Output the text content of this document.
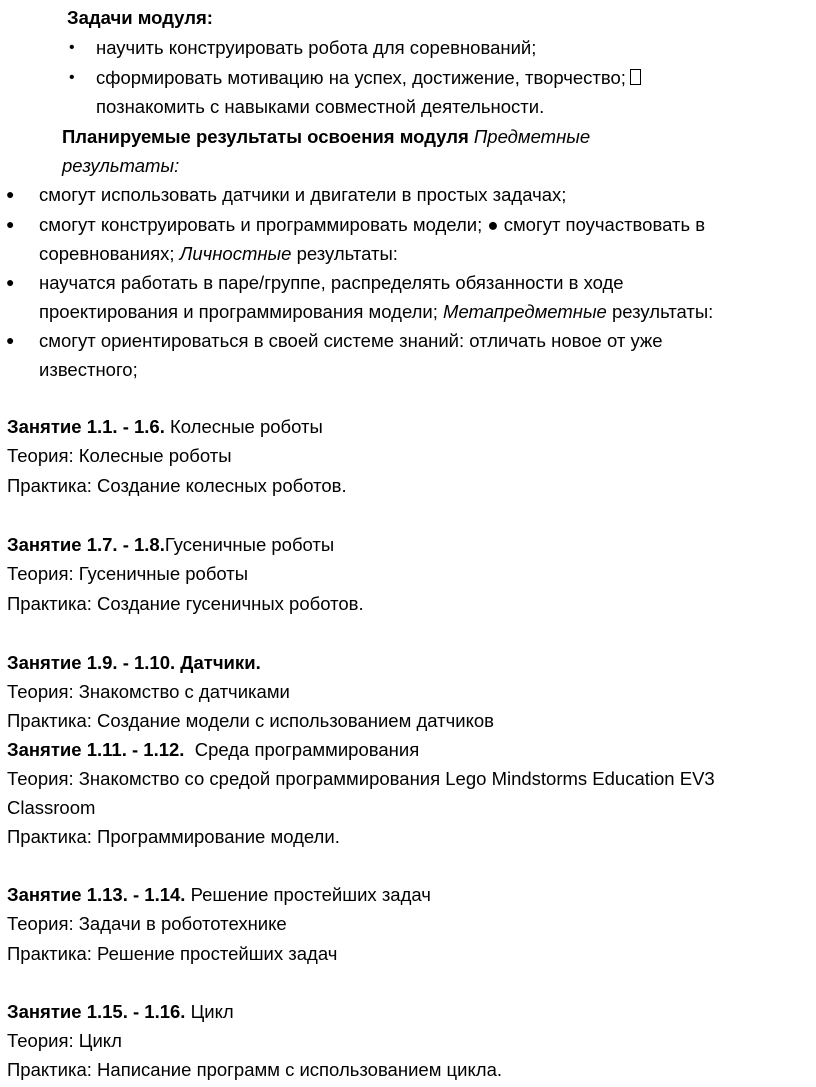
Задачи модуля:
• научить конструировать робота для соревнований;
• сформировать мотивацию на успех, достижение, творчество;
познакомить с навыками совместной деятельности.
Планируемые результаты освоения модуля Предметные
результаты:
● смогут использовать датчики и двигатели в простых задачах;
● смогут конструировать и программировать модели; ● смогут поучаствовать в
соревнованиях; Личностные результаты:
● научатся работать в паре/группе, распределять обязанности в ходе
проектирования и программирования модели; Метапредметные результаты:
● смогут ориентироваться в своей системе знаний: отличать новое от уже
известного;
Занятие 1.1. - 1.6. Колесные роботы
Теория: Колесные роботы
Практика: Создание колесных роботов.
Занятие 1.7. - 1.8.Гусеничные роботы
Теория: Гусеничные роботы
Практика: Создание гусеничных роботов.
Занятие 1.9. - 1.10. Датчики.
Теория: Знакомство с датчиками
Практика: Создание модели с использованием датчиков
Занятие 1.11. - 1.12. Среда программирования
Теория: Знакомство со средой программирования Lego Mindstorms Education EV3
Classroom
Практика: Программирование модели.
Занятие 1.13. - 1.14. Решение простейших задач
Теория: Задачи в робототехнике
Практика: Решение простейших задач
Занятие 1.15. - 1.16. Цикл
Теория: Цикл
Практика: Написание программ с использованием цикла.
